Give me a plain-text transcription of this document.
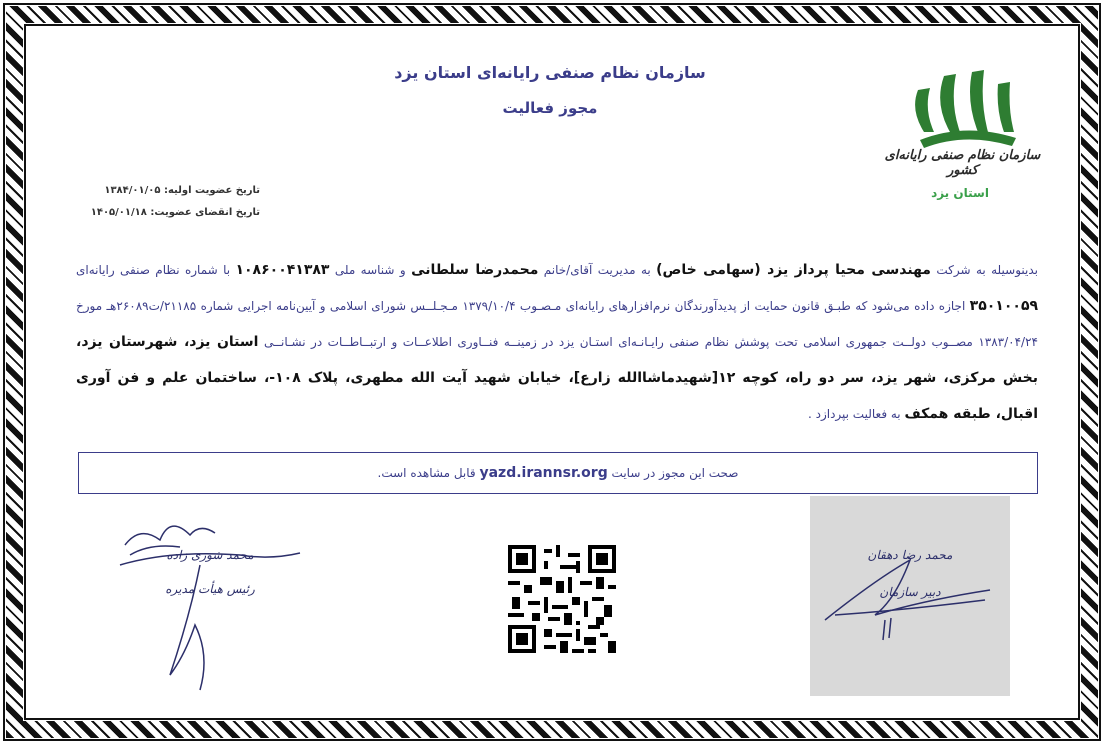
سازمان نظام صنفی رایانه‌ای استان یزد
مجوز فعالیت
سازمان نظام صنفی رایانه‌ای کشور
استان یزد
تاریخ عضویت اولیه: ۱۳۸۴/۰۱/۰۵
تاریخ انقضای عضویت: ۱۴۰۵/۰۱/۱۸
بدینوسیله به شرکت مهندسی محیا پرداز یزد (سهامی خاص) به مدیریت آقای/خانم محمدرضا سلطانی و شناسه ملی ۱۰۸۶۰۰۴۱۳۸۳ با شماره نظام صنفی رایانه‌ای ۳۵۰۱۰۰۵۹ اجازه داده می‌شود که طبـق قانون حمایت از پدیدآورندگان نرم‌افزارهای رایانه‌ای مـصـوب ۱۳۷۹/۱۰/۴ مـجـلــس شورای اسلامی و آیین‌نامه اجرایی شماره ۲۱۱۸۵/ت۲۶۰۸۹هـ مورخ ۱۳۸۳/۰۴/۲۴ مصــوب دولــت جمهوری اسلامی تحت پوشش نظام صنفی رایـانـه‌ای استـان یزد در زمینــه فنــاوری اطلاعــات و ارتبــاطــات در نشـانــی استان یزد، شهرستان یزد، بخش مرکزی، شهر یزد، سر دو راه، کوچه ۱۲[شهیدماشاالله زارع]، خیابان شهید آیت الله مطهری، پلاک ۱۰۸-، ساختمان علم و فن آوری اقبال، طبقه همکف به فعالیت بپردازد .
صحت این مجوز در سایت yazd.irannsr.org قابل مشاهده است.
محمد شوری زاده
رئیس هیأت مدیره
محمد رضا دهقان
دبیر سازمان
